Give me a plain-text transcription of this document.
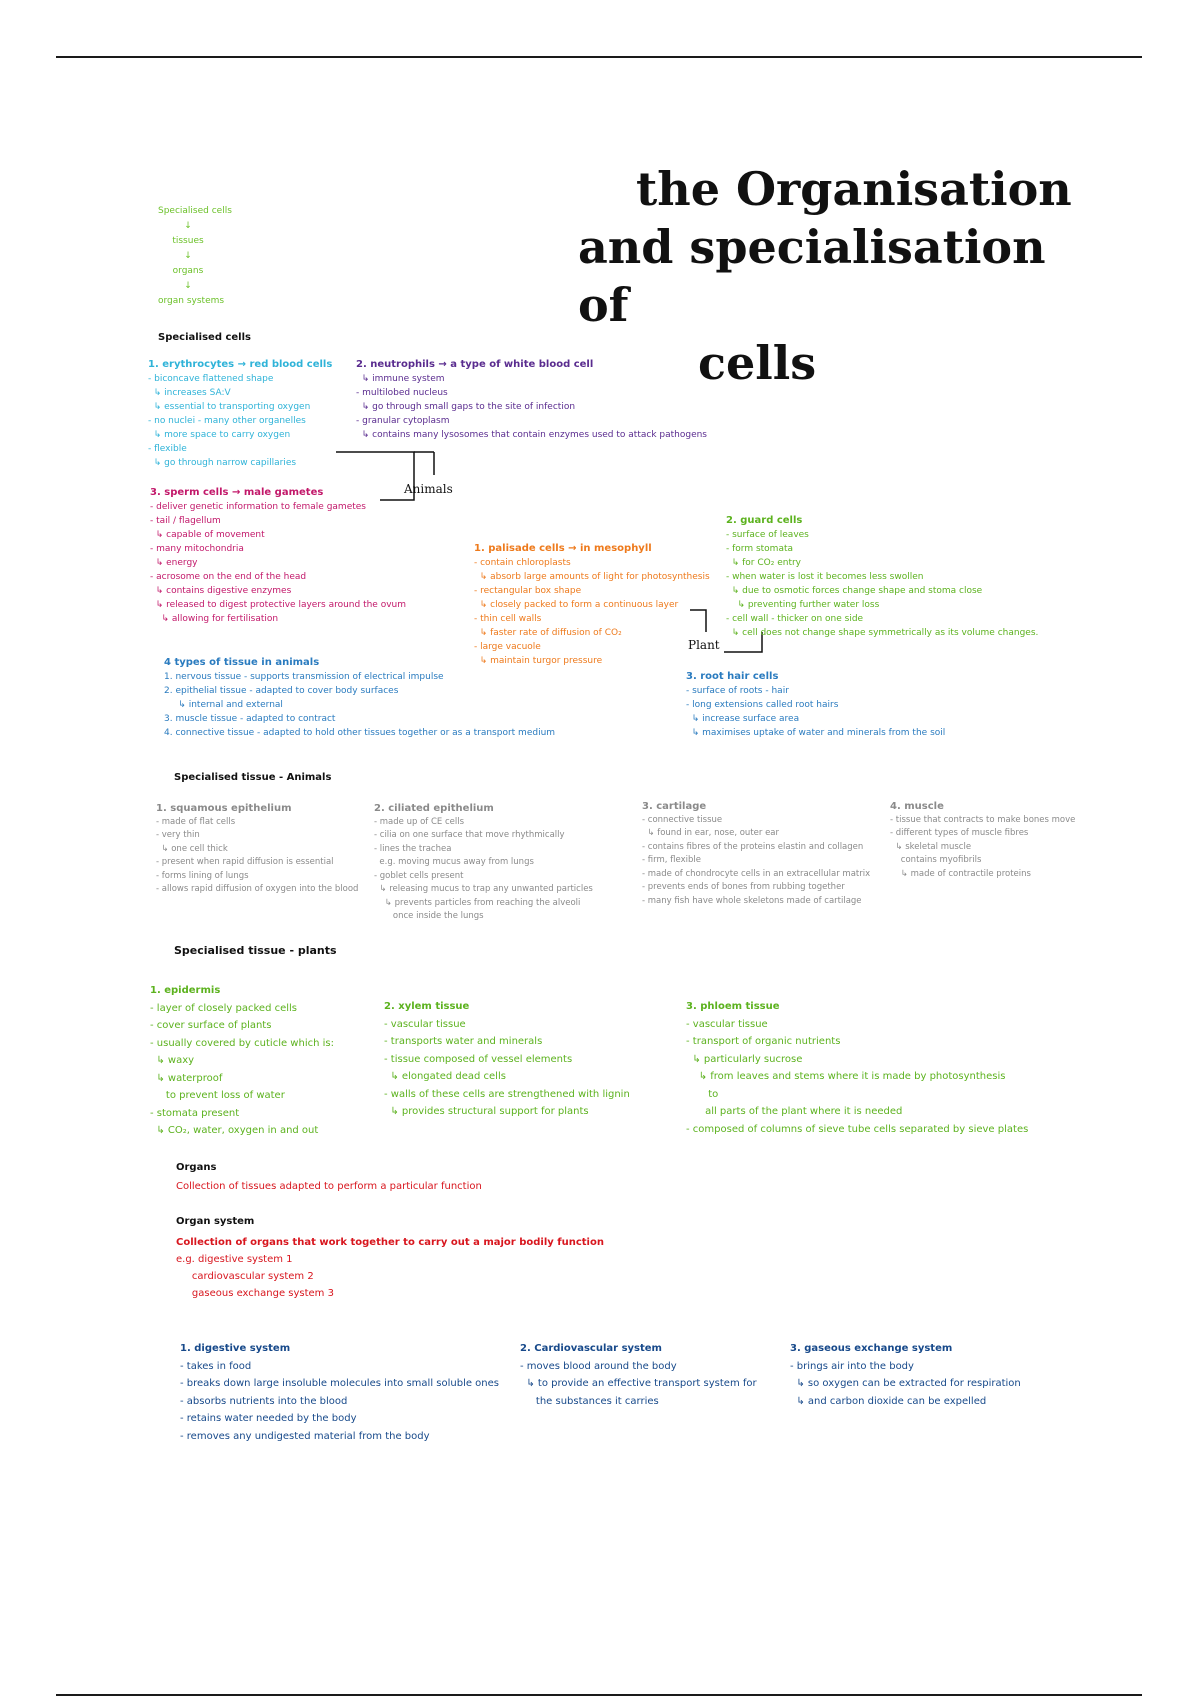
the Organisation
and specialisation of
cells
Specialised cells
↓
tissues
↓
organs
↓
organ systems
Specialised cells
1. erythrocytes → red blood cells
- biconcave flattened shape
↳ increases SA:V
↳ essential to transporting oxygen
- no nuclei - many other organelles
↳ more space to carry oxygen
- flexible
↳ go through narrow capillaries
2. neutrophils → a type of white blood cell
↳ immune system
- multilobed nucleus
↳ go through small gaps to the site of infection
- granular cytoplasm
↳ contains many lysosomes that contain enzymes used to attack pathogens
3. sperm cells → male gametes
- deliver genetic information to female gametes
- tail / flagellum
↳ capable of movement
- many mitochondria
↳ energy
- acrosome on the end of the head
↳ contains digestive enzymes
↳ released to digest protective layers around the ovum
↳ allowing for fertilisation
Animals
Plant
1. palisade cells → in mesophyll
- contain chloroplasts
↳ absorb large amounts of light for photosynthesis
- rectangular box shape
↳ closely packed to form a continuous layer
- thin cell walls
↳ faster rate of diffusion of CO₂
- large vacuole
↳ maintain turgor pressure
2. guard cells
- surface of leaves
- form stomata
↳ for CO₂ entry
- when water is lost it becomes less swollen
↳ due to osmotic forces change shape and stoma close
↳ preventing further water loss
- cell wall - thicker on one side
↳ cell does not change shape symmetrically as its volume changes.
3. root hair cells
- surface of roots - hair
- long extensions called root hairs
↳ increase surface area
↳ maximises uptake of water and minerals from the soil
4 types of tissue in animals
1. nervous tissue - supports transmission of electrical impulse
2. epithelial tissue - adapted to cover body surfaces
↳ internal and external
3. muscle tissue - adapted to contract
4. connective tissue - adapted to hold other tissues together or as a transport medium
Specialised tissue - Animals
1. squamous epithelium
- made of flat cells
- very thin
↳ one cell thick
- present when rapid diffusion is essential
- forms lining of lungs
- allows rapid diffusion of oxygen into the blood
2. ciliated epithelium
- made up of CE cells
- cilia on one surface that move rhythmically
- lines the trachea
e.g. moving mucus away from lungs
- goblet cells present
↳ releasing mucus to trap any unwanted particles
↳ prevents particles from reaching the alveoli
once inside the lungs
3. cartilage
- connective tissue
↳ found in ear, nose, outer ear
- contains fibres of the proteins elastin and collagen
- firm, flexible
- made of chondrocyte cells in an extracellular matrix
- prevents ends of bones from rubbing together
- many fish have whole skeletons made of cartilage
4. muscle
- tissue that contracts to make bones move
- different types of muscle fibres
↳ skeletal muscle
contains myofibrils
↳ made of contractile proteins
Specialised tissue - plants
1. epidermis
- layer of closely packed cells
- cover surface of plants
- usually covered by cuticle which is:
↳ waxy
↳ waterproof
to prevent loss of water
- stomata present
↳ CO₂, water, oxygen in and out
2. xylem tissue
- vascular tissue
- transports water and minerals
- tissue composed of vessel elements
↳ elongated dead cells
- walls of these cells are strengthened with lignin
↳ provides structural support for plants
3. phloem tissue
- vascular tissue
- transport of organic nutrients
↳ particularly sucrose
↳ from leaves and stems where it is made by photosynthesis
to
all parts of the plant where it is needed
- composed of columns of sieve tube cells separated by sieve plates
Organs
Collection of tissues adapted to perform a particular function
Organ system
Collection of organs that work together to carry out a major bodily function
e.g. digestive system 1
cardiovascular system 2
gaseous exchange system 3
1. digestive system
- takes in food
- breaks down large insoluble molecules into small soluble ones
- absorbs nutrients into the blood
- retains water needed by the body
- removes any undigested material from the body
2. Cardiovascular system
- moves blood around the body
↳ to provide an effective transport system for
the substances it carries
3. gaseous exchange system
- brings air into the body
↳ so oxygen can be extracted for respiration
↳ and carbon dioxide can be expelled
